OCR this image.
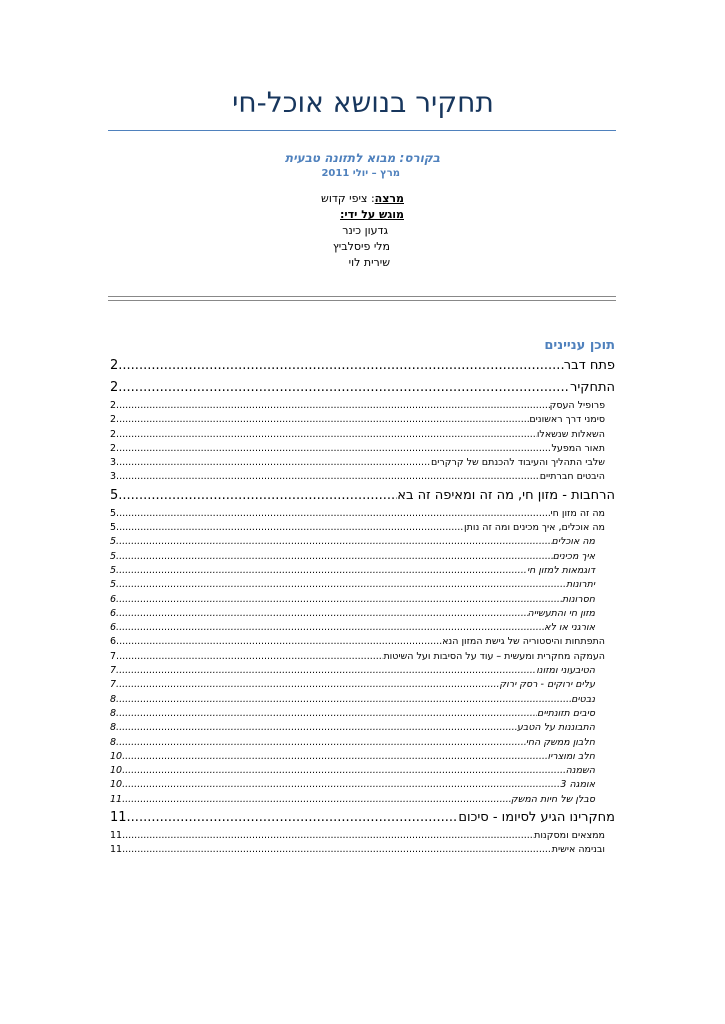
תחקיר בנושא אוכל-חי
בקורס: מבוא לתזונה טבעית
מרץ – יולי 2011
מרצה: ציפי קדוש
מוגש על ידי:
גדעון כינר
מלי פיסלביץ
שירית לוי
תוכן עניינים
פתח דבר
.....
2
התחקיר
.....
2
פרופיל העסק
.....
2
סימני דרך ראשונים
.....
2
השאלות שנשאלו
.....
2
תאור המפעל
.....
2
שלבי התהליך והעיבוד להכנתם של קרקרים
.....
3
היבטים חברתיים
.....
3
הרחבות - מזון חי, מה זה ומאיפה זה בא
.....
5
מה זה מזון חי
.....
5
מה אוכלים, איך מכינים ומה זה נותן
.....
5
מה אוכלים
.....
5
איך מכינים
.....
5
דוגמאות למזון חי
.....
5
יתרונות
.....
5
חסרונות
.....
6
מזון חי והתעשייה
.....
6
אורגני או לא
.....
6
התפתחות והיסטוריה של גישת המזון הנא
.....
6
העמקה מחקרית ומעשית – עוד על הסיבות ועל השיטות
.....
7
הטיבעוני ומזונו
.....
7
עלים ירוקים - רסק ירוק
.....
7
נבטים
.....
8
סיבים תזונתיים
.....
8
התבוננות על הטבע
.....
8
חלבון ממשק החי
.....
8
חלב ומוצריו
.....
10
השמנה
.....
10
אומגה 3
.....
10
סבלן של חיות המשק
.....
11
מחקרינו הגיע לסיומו - סיכום
.....
11
ממצאים ומסקנות
.....
11
ובנימה אישית
.....
11
